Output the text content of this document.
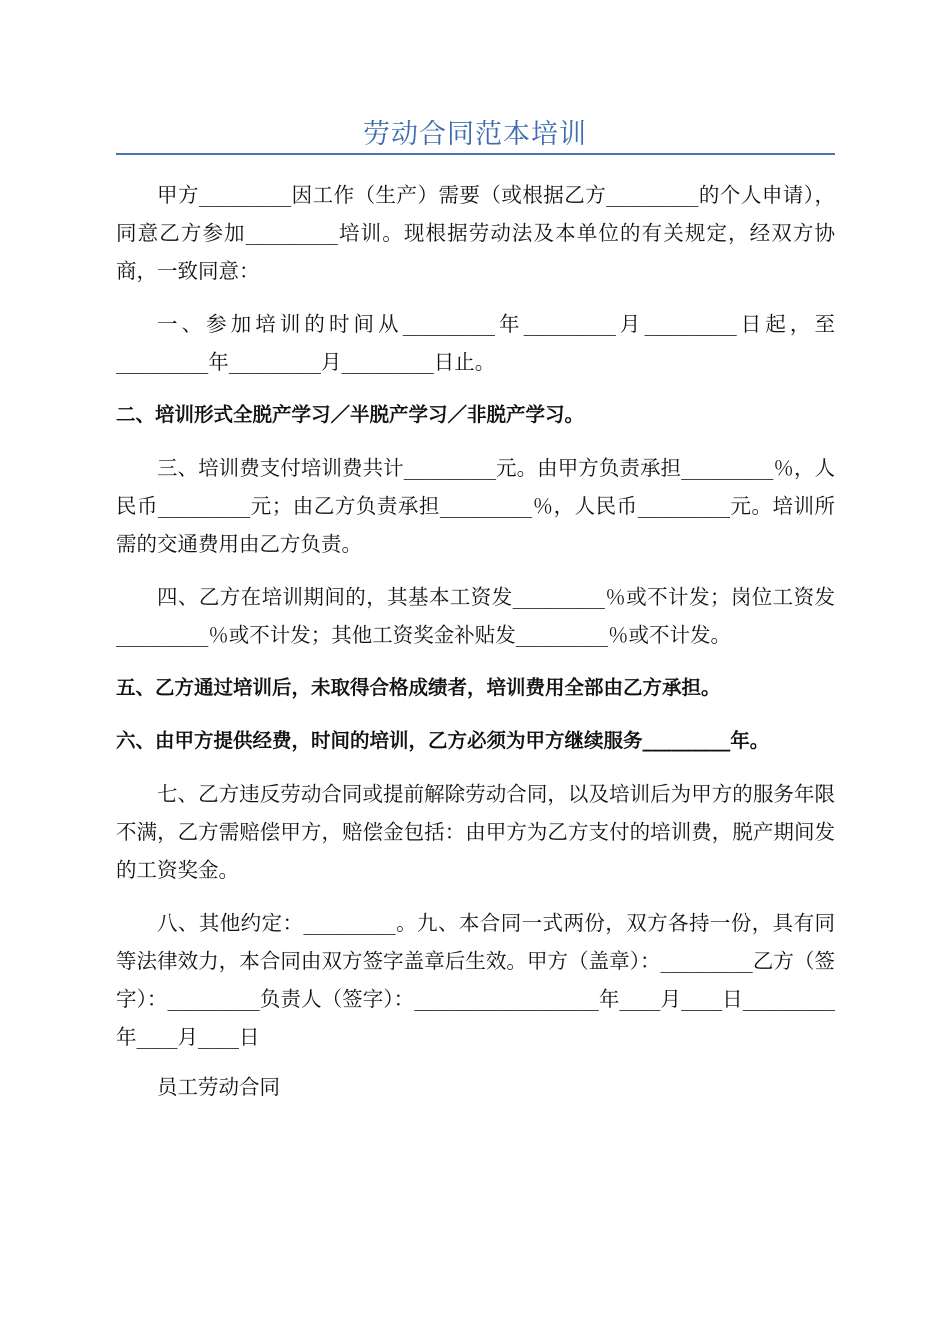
劳动合同范本培训

甲方_________因工作（生产）需要（或根据乙方_________的个人申请），同意乙方参加_________培训。现根据劳动法及本单位的有关规定，经双方协商，一致同意：

一、参加培训的时间从_________年_________月_________日起，至_________年_________月_________日止。

二、培训形式全脱产学习／半脱产学习／非脱产学习。

三、培训费支付培训费共计_________元。由甲方负责承担_________％，人民币_________元；由乙方负责承担_________％，人民币_________元。培训所需的交通费用由乙方负责。

四、乙方在培训期间的，其基本工资发_________％或不计发；岗位工资发_________％或不计发；其他工资奖金补贴发_________％或不计发。

五、乙方通过培训后，未取得合格成绩者，培训费用全部由乙方承担。

六、由甲方提供经费，时间的培训，乙方必须为甲方继续服务_________年。

七、乙方违反劳动合同或提前解除劳动合同，以及培训后为甲方的服务年限不满，乙方需赔偿甲方，赔偿金包括：由甲方为乙方支付的培训费，脱产期间发的工资奖金。

八、其他约定：_________。九、本合同一式两份，双方各持一份，具有同等法律效力，本合同由双方签字盖章后生效。甲方（盖章）：_________乙方（签字）：_________负责人（签字）：__________________年____月____日_________年____月____日

员工劳动合同
